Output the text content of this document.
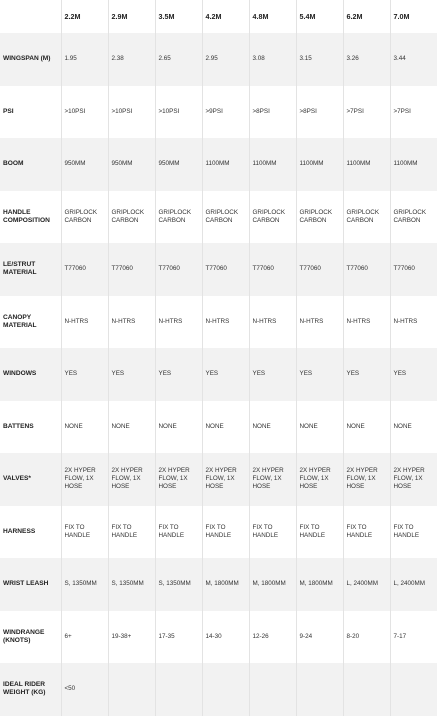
	2.2M	2.9M	3.5M	4.2M	4.8M	5.4M	6.2M	7.0M
WINGSPAN (M)	1.95	2.38	2.65	2.95	3.08	3.15	3.26	3.44
PSI	>10PSI	>10PSI	>10PSI	>9PSI	>8PSI	>8PSI	>7PSI	>7PSI
BOOM	950MM	950MM	950MM	1100MM	1100MM	1100MM	1100MM	1100MM
HANDLE COMPOSITION	GRIPLOCK CARBON	GRIPLOCK CARBON	GRIPLOCK CARBON	GRIPLOCK CARBON	GRIPLOCK CARBON	GRIPLOCK CARBON	GRIPLOCK CARBON	GRIPLOCK CARBON
LE/STRUT MATERIAL	T77060	T77060	T77060	T77060	T77060	T77060	T77060	T77060
CANOPY MATERIAL	N-HTRS	N-HTRS	N-HTRS	N-HTRS	N-HTRS	N-HTRS	N-HTRS	N-HTRS
WINDOWS	YES	YES	YES	YES	YES	YES	YES	YES
BATTENS	NONE	NONE	NONE	NONE	NONE	NONE	NONE	NONE
VALVES*	2X HYPER FLOW, 1X HOSE	2X HYPER FLOW, 1X HOSE	2X HYPER FLOW, 1X HOSE	2X HYPER FLOW, 1X HOSE	2X HYPER FLOW, 1X HOSE	2X HYPER FLOW, 1X HOSE	2X HYPER FLOW, 1X HOSE	2X HYPER FLOW, 1X HOSE
HARNESS	FIX TO HANDLE	FIX TO HANDLE	FIX TO HANDLE	FIX TO HANDLE	FIX TO HANDLE	FIX TO HANDLE	FIX TO HANDLE	FIX TO HANDLE
WRIST LEASH	S, 1350MM	S, 1350MM	S, 1350MM	M, 1800MM	M, 1800MM	M, 1800MM	L, 2400MM	L, 2400MM
WINDRANGE (KNOTS)	6+	19-38+	17-35	14-30	12-26	9-24	8-20	7-17
IDEAL RIDER WEIGHT (KG)	<50							
